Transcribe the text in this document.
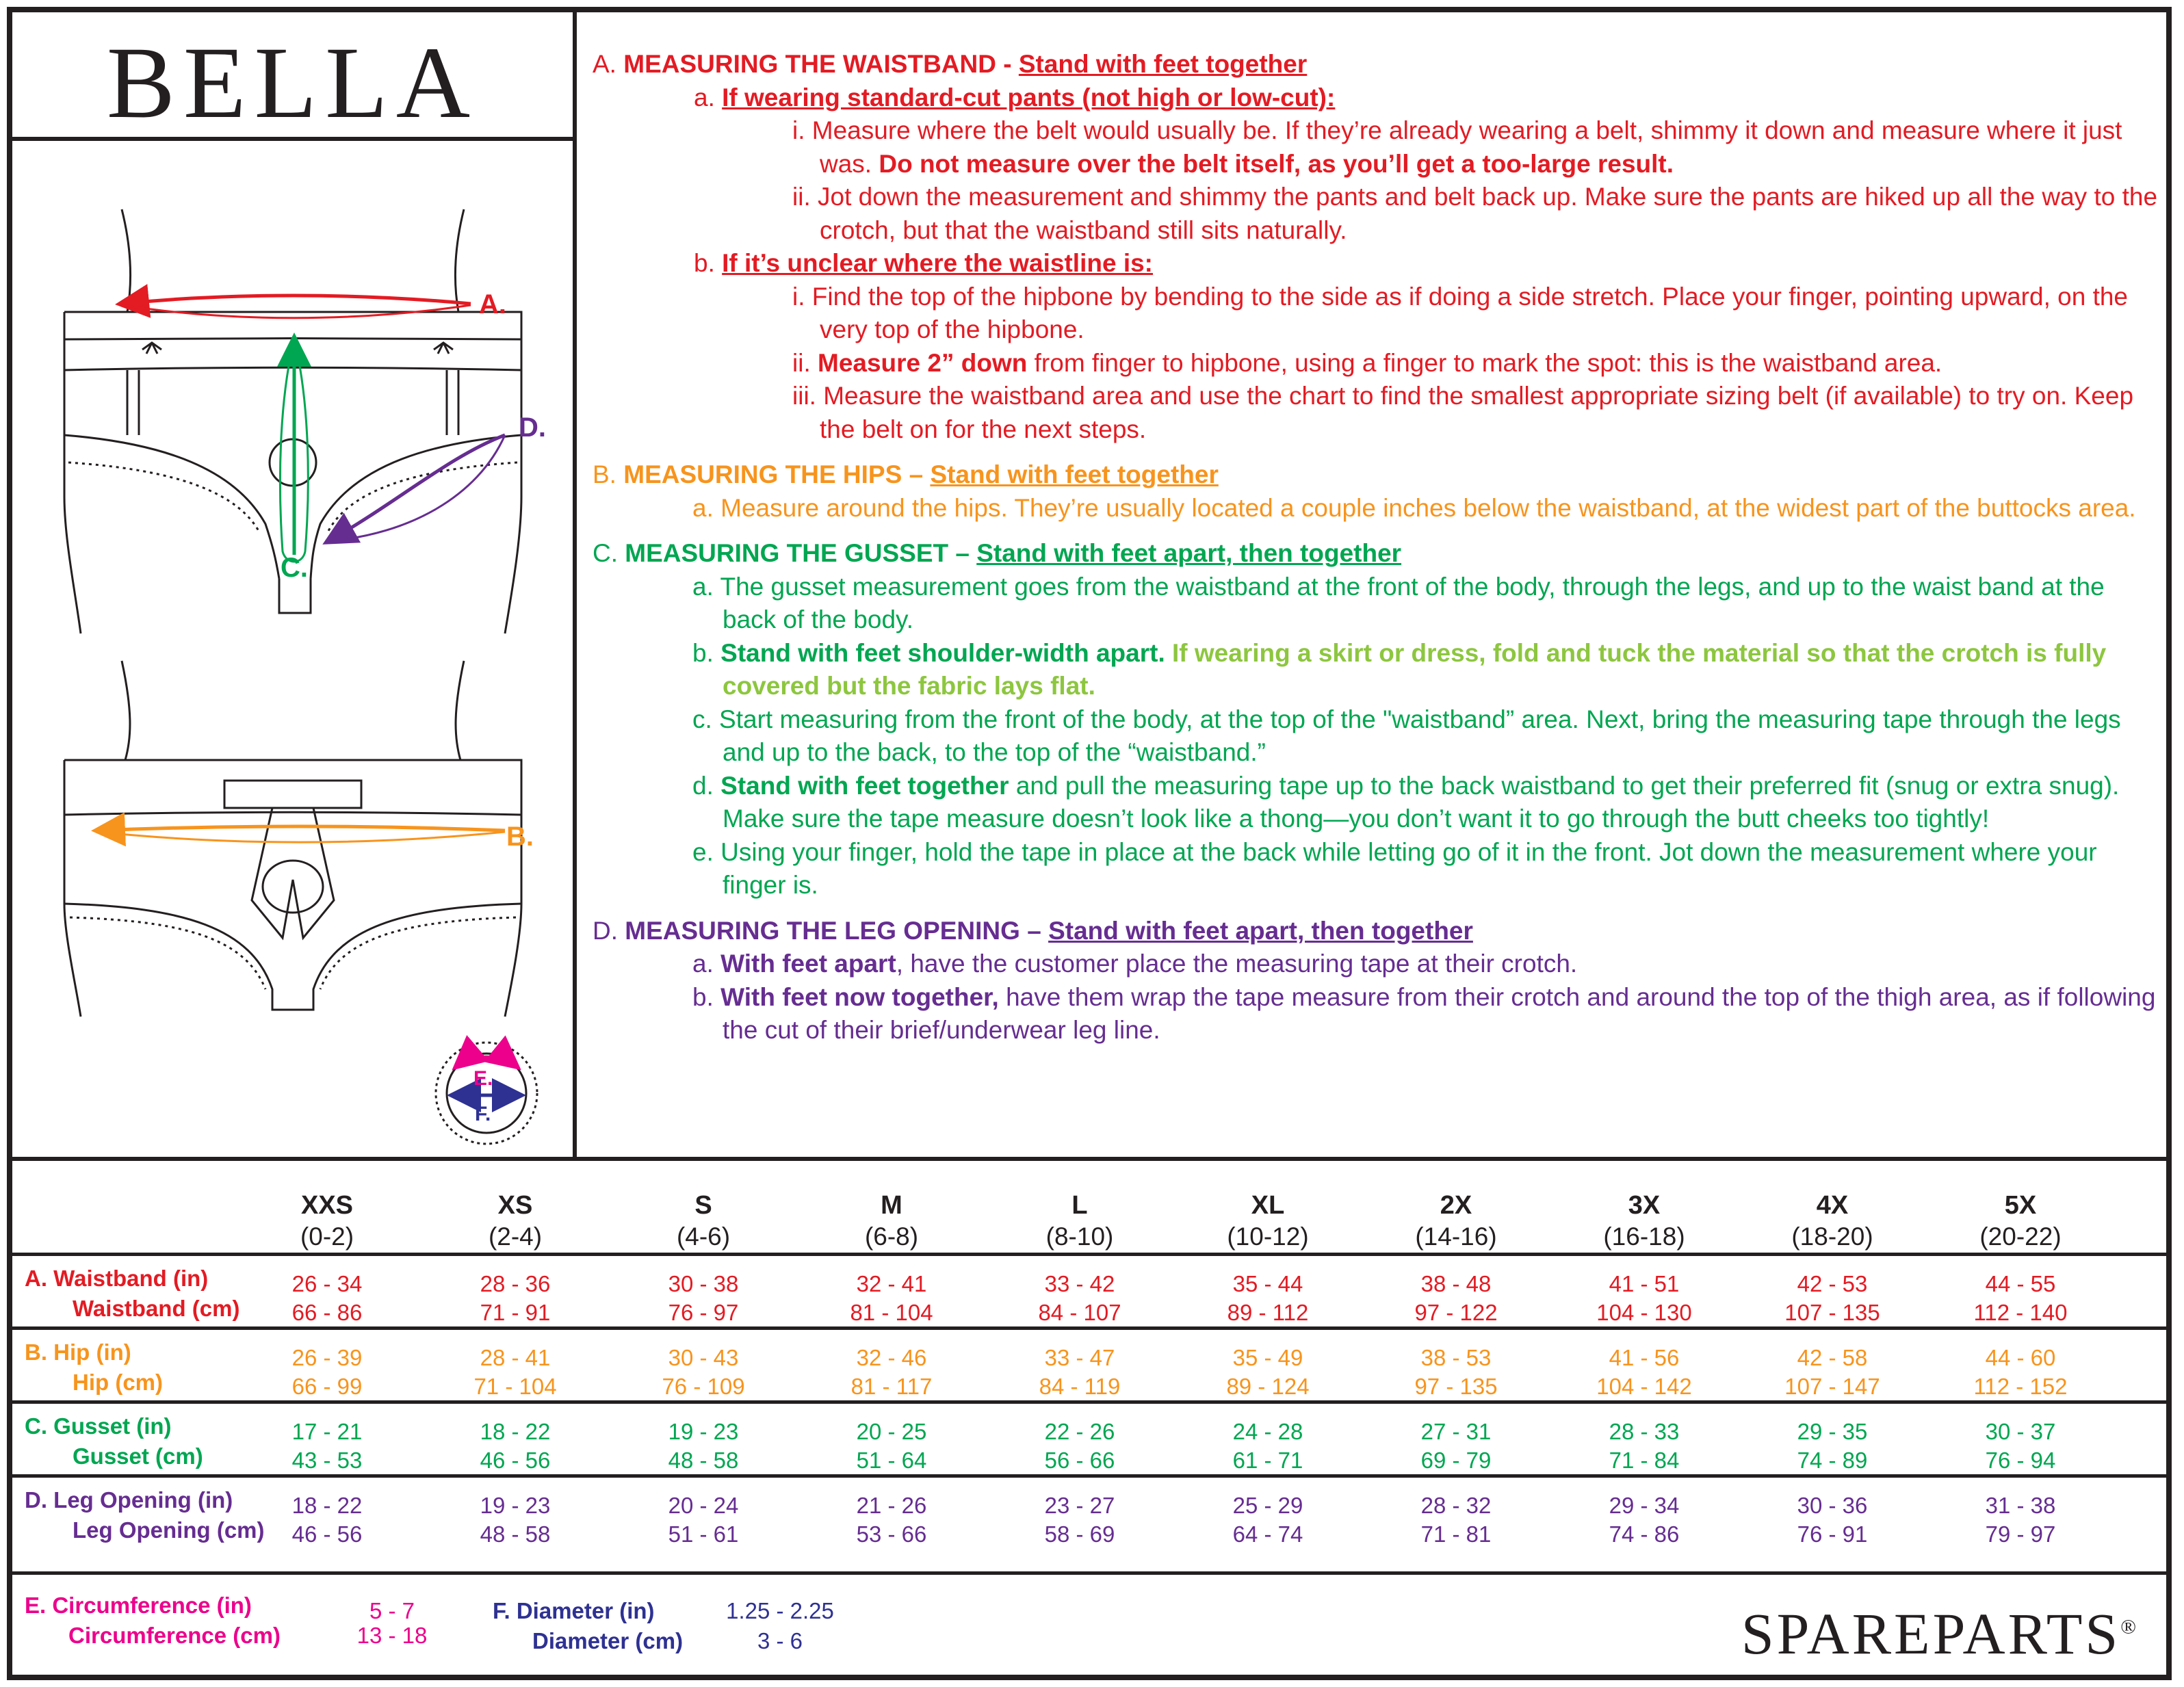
BELLA
A.
D.
C.
B.
E.
F.
A. MEASURING THE WAISTBAND - Stand with feet together
a. If wearing standard-cut pants (not high or low-cut):
i. Measure where the belt would usually be. If they’re already wearing a belt, shimmy it down and measure where it just was. Do not measure over the belt itself, as you’ll get a too-large result.
ii. Jot down the measurement and shimmy the pants and belt back up. Make sure the pants are hiked up all the way to the crotch, but that the waistband still sits naturally.
b. If it’s unclear where the waistline is:
i. Find the top of the hipbone by bending to the side as if doing a side stretch. Place your finger, pointing upward, on the very top of the hipbone.
ii. Measure 2” down from finger to hipbone, using a finger to mark the spot: this is the waistband area.
iii. Measure the waistband area and use the chart to find the smallest appropriate sizing belt (if available) to try on. Keep the belt on for the next steps.
B. MEASURING THE HIPS – Stand with feet together
a. Measure around the hips. They’re usually located a couple inches below the waistband, at the widest part of the buttocks area.
C. MEASURING THE GUSSET – Stand with feet apart, then together
a. The gusset measurement goes from the waistband at the front of the body, through the legs, and up to the waist band at the back of the body.
b. Stand with feet shoulder-width apart. If wearing a skirt or dress, fold and tuck the material so that the crotch is fully covered but the fabric lays flat.
c. Start measuring from the front of the body, at the top of the "waistband” area. Next, bring the measuring tape through the legs and up to the back, to the top of the “waistband.”
d. Stand with feet together and pull the measuring tape up to the back waistband to get their preferred fit (snug or extra snug). Make sure the tape measure doesn’t look like a thong—you don’t want it to go through the butt cheeks too tightly!
e. Using your finger, hold the tape in place at the back while letting go of it in the front. Jot down the measurement where your finger is.
D. MEASURING THE LEG OPENING – Stand with feet apart, then together
a. With feet apart, have the customer place the measuring tape at their crotch.
b. With feet now together, have them wrap the tape measure from their crotch and around the top of the thigh area, as if following the cut of their brief/underwear leg line.
XXS
(0-2)
XS
(2-4)
S
(4-6)
M
(6-8)
L
(8-10)
XL
(10-12)
2X
(14-16)
3X
(16-18)
4X
(18-20)
5X
(20-22)
A. Waistband (in)
Waistband (cm)
26 - 34
66 - 86
28 - 36
71 - 91
30 - 38
76 - 97
32 - 41
81 - 104
33 - 42
84 - 107
35 - 44
89 - 112
38 - 48
97 - 122
41 - 51
104 - 130
42 - 53
107 - 135
44 - 55
112 - 140
B. Hip (in)
Hip (cm)
26 - 39
66 - 99
28 - 41
71 - 104
30 - 43
76 - 109
32 - 46
81 - 117
33 - 47
84 - 119
35 - 49
89 - 124
38 - 53
97 - 135
41 - 56
104 - 142
42 - 58
107 - 147
44 - 60
112 - 152
C. Gusset (in)
Gusset (cm)
17 - 21
43 - 53
18 - 22
46 - 56
19 - 23
48 - 58
20 - 25
51 - 64
22 - 26
56 - 66
24 - 28
61 - 71
27 - 31
69 - 79
28 - 33
71 - 84
29 - 35
74 - 89
30 - 37
76 - 94
D. Leg Opening (in)
Leg Opening (cm)
18 - 22
46 - 56
19 - 23
48 - 58
20 - 24
51 - 61
21 - 26
53 - 66
23 - 27
58 - 69
25 - 29
64 - 74
28 - 32
71 - 81
29 - 34
74 - 86
30 - 36
76 - 91
31 - 38
79 - 97
E. Circumference (in)
Circumference (cm)
5 - 7
13 - 18
F. Diameter (in)
Diameter (cm)
1.25 - 2.25
3 - 6	SPAREPARTS®
